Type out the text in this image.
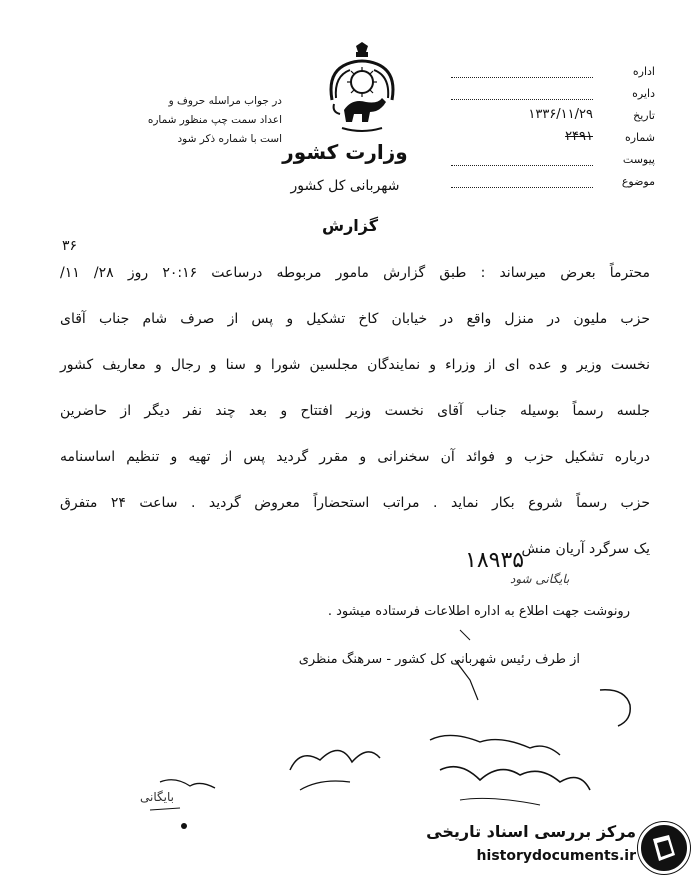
در جواب مراسله حروف و
اعداد سمت چپ منظور شماره
است با شماره ذکر شود
وزارت کشور
شهربانی کل کشور
گزارش
اداره
دایره
تاریخ
۱۳۳۶/۱۱/۲۹
شماره
۲۴۹۱
پیوست
موضوع
۳۶
محترماً بعرض میرساند : طبق گزارش مامور مربوطه درساعت ۲۰:۱۶ روز ۲۸/ ۱۱/
حزب ملیون در منزل واقع در خیابان کاخ تشکیل و پس از صرف شام جناب آقای
نخست وزیر و عده ای از وزراء و نمایندگان مجلسین شورا و سنا و رجال و معاریف کشور
جلسه رسماً بوسیله جناب آقای نخست وزیر افتتاح و بعد چند نفر دیگر از حاضرین
درباره تشکیل حزب و فوائد آن سخنرانی و مقرر گردید پس از تهیه و تنظیم اساسنامه
حزب رسماً شروع بکار نماید . مراتب استحضاراً معروض گردید . ساعت ۲۴ متفرق
یک سرگرد آریان منش
۱۸۹۳۵
بایگانی شود
رونوشت جهت اطلاع به اداره اطلاعات فرستاده میشود .
از طرف رئیس شهربانی کل کشور - سرهنگ منظری
بایگانی
مرکز بررسی اسناد تاریخی
historydocuments.ir
